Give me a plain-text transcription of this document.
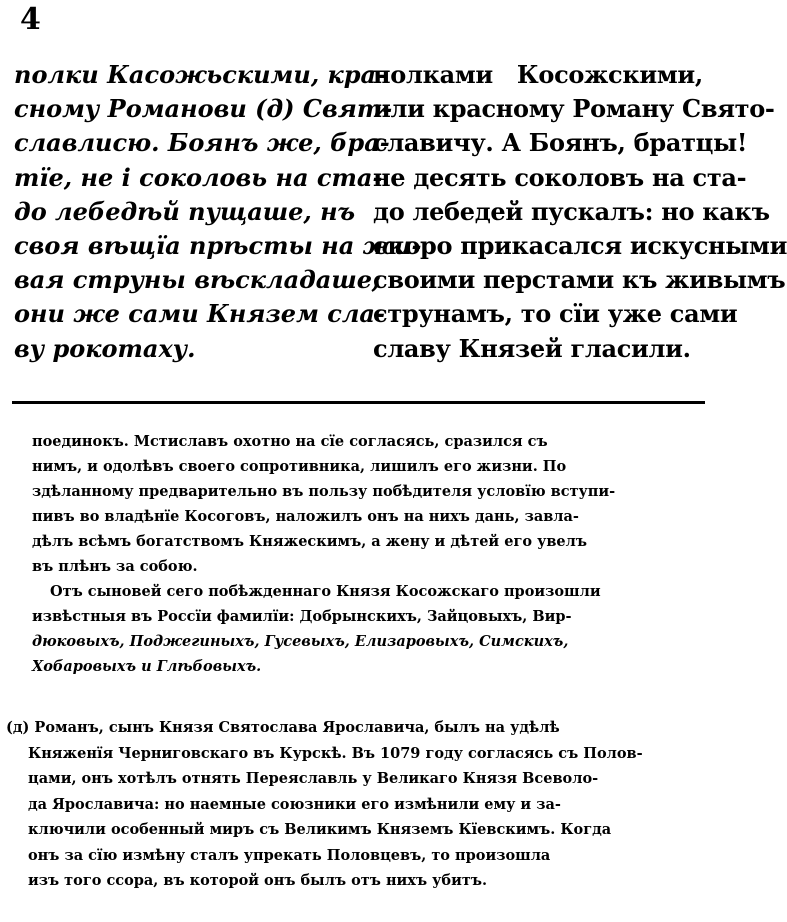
4
полки Касожьскими, кра-
сному Романови (д) Свят-
славлисю. Боянъ же, бра-
тїе, не і соколовь на ста-
до лебедѣй пущаше, нъ
своя вѣщїа прѣсты на жи-
вая струны вѣскладаше;
они же сами Князем слa-
ву рокотаху.
полками Косожскими,
или красному Роману Свято-
славичу. А Боянъ, братцы!
не десять соколовъ на ста-
до лебедей пускалъ: но какъ
скоро прикасался искусными
своими перстами къ живымъ
струнамъ, то сїи уже сами
славу Князей гласили.
поединокъ. Мстиславъ охотно на сїе согласясь, сразился съ
нимъ, и одолѣвъ своего сопротивника, лишилъ его жизни. По
здѣланному предварительно въ пользу побѣдителя условїю вступи-
пивъ во владѣнїе Косоговъ, наложилъ онъ на нихъ дань, завла-
дѣлъ всѣмъ богатствомъ Княжескимъ, а жену и дѣтей его увелъ
въ плѣнъ за собою.
Отъ сыновей сего побѣжденнаго Князя Косожскаго произошли
извѣстныя въ Россїи фамилїи: Добрынскихъ, Зайцовыхъ, Вир-
дюковыхъ, Поджегиныхъ, Гусевыхъ, Елизаровыхъ, Симскихъ,
Хобаровыхъ и Глѣбовыхъ.
(д) Романъ, сынъ Князя Святослава Ярославича, былъ на удѣлѣ
Княженїя Черниговскаго въ Курскѣ. Въ 1079 году согласясь съ Полов-
цами, онъ хотѣлъ отнять Переяславль у Великаго Князя Всеволо-
да Ярославича: но наемные союзники его измѣнили ему и за-
ключили особенный миръ съ Великимъ Княземъ Кїевскимъ. Когда
онъ за сїю измѣну сталъ упрекать Половцевъ, то произошла
изъ того ссора, въ которой онъ былъ отъ нихъ убитъ.
